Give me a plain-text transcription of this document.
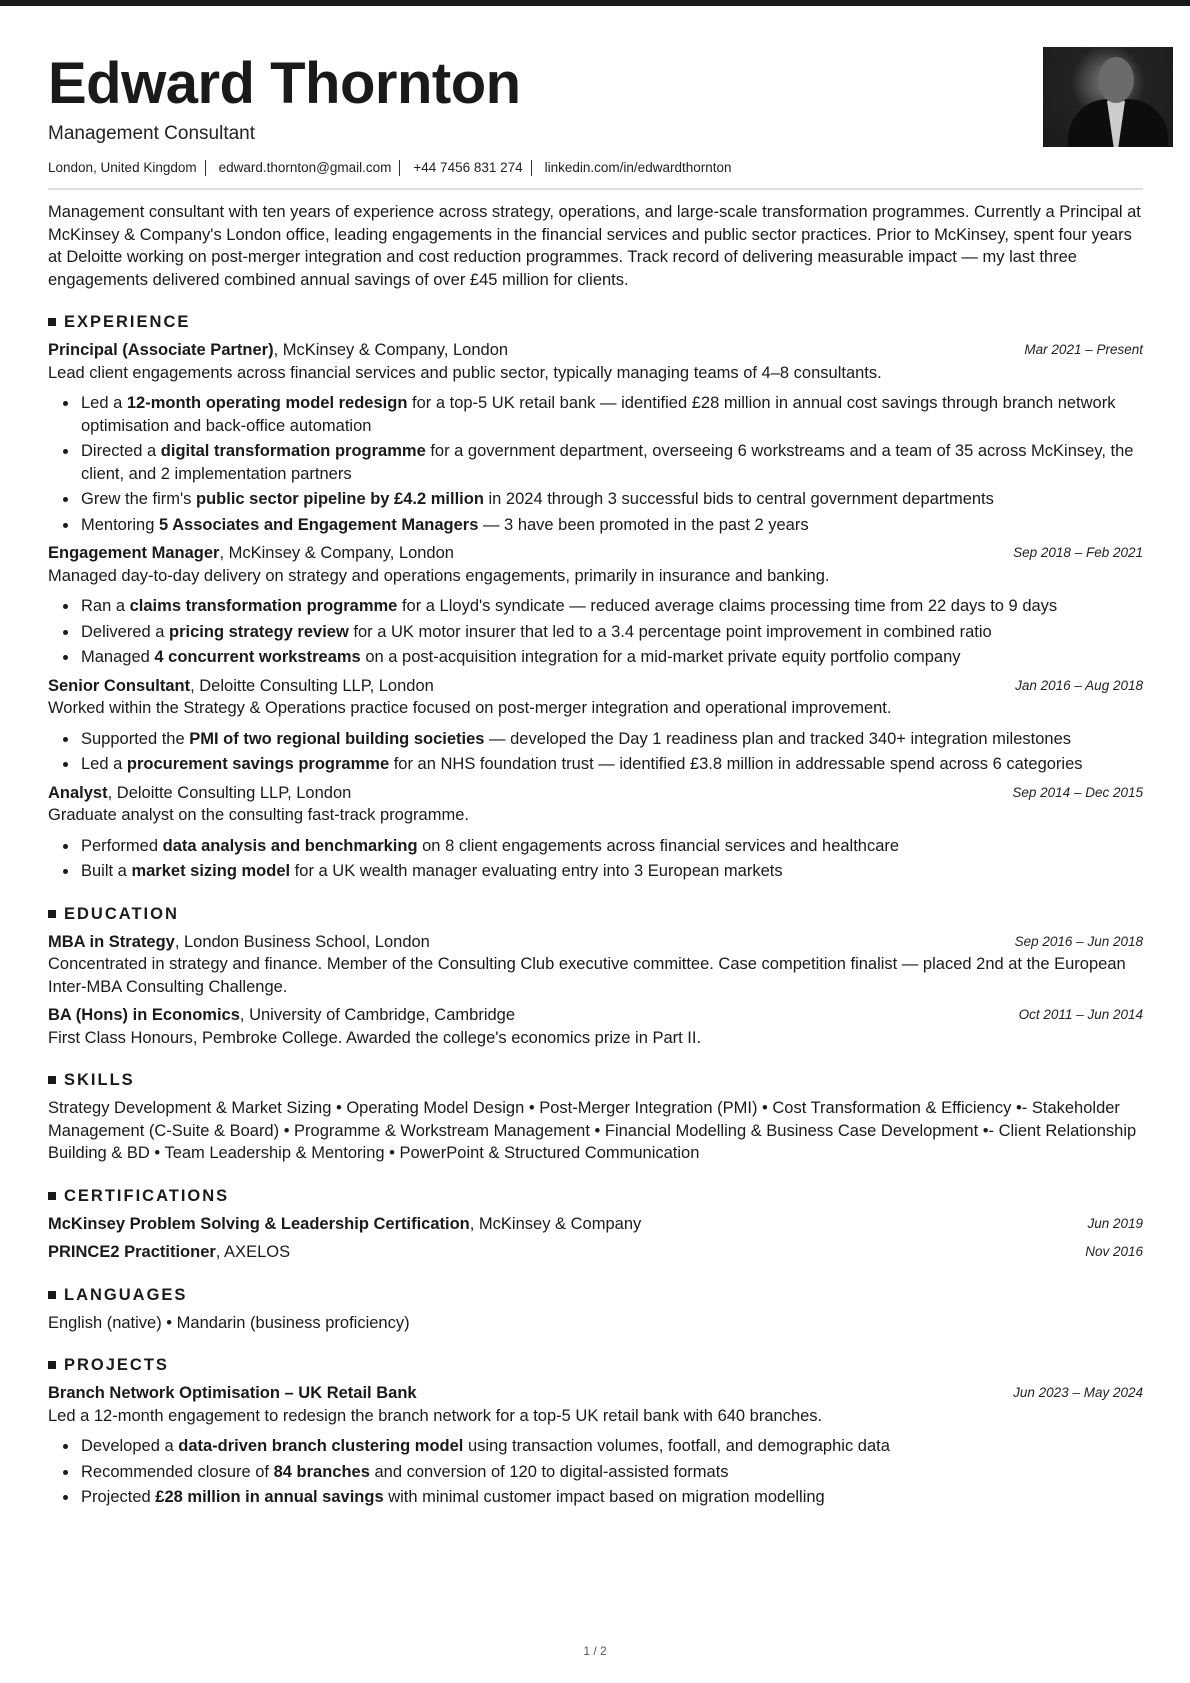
Edward Thornton
Management Consultant
London, United Kingdom	edward.thornton@gmail.com	+44 7456 831 274	linkedin.com/in/edwardthornton
Management consultant with ten years of experience across strategy, operations, and large-scale transformation programmes. Currently a Principal at McKinsey & Company's London office, leading engagements in the financial services and public sector practices. Prior to McKinsey, spent four years at Deloitte working on post-merger integration and cost reduction programmes. Track record of delivering measurable impact — my last three engagements delivered combined annual savings of over £45 million for clients.
EXPERIENCE
Principal (Associate Partner), McKinsey & Company, London	Mar 2021 – Present
Lead client engagements across financial services and public sector, typically managing teams of 4–8 consultants.
Led a 12-month operating model redesign for a top-5 UK retail bank — identified £28 million in annual cost savings through branch network optimisation and back-office automation
Directed a digital transformation programme for a government department, overseeing 6 workstreams and a team of 35 across McKinsey, the client, and 2 implementation partners
Grew the firm's public sector pipeline by £4.2 million in 2024 through 3 successful bids to central government departments
Mentoring 5 Associates and Engagement Managers — 3 have been promoted in the past 2 years
Engagement Manager, McKinsey & Company, London	Sep 2018 – Feb 2021
Managed day-to-day delivery on strategy and operations engagements, primarily in insurance and banking.
Ran a claims transformation programme for a Lloyd's syndicate — reduced average claims processing time from 22 days to 9 days
Delivered a pricing strategy review for a UK motor insurer that led to a 3.4 percentage point improvement in combined ratio
Managed 4 concurrent workstreams on a post-acquisition integration for a mid-market private equity portfolio company
Senior Consultant, Deloitte Consulting LLP, London	Jan 2016 – Aug 2018
Worked within the Strategy & Operations practice focused on post-merger integration and operational improvement.
Supported the PMI of two regional building societies — developed the Day 1 readiness plan and tracked 340+ integration milestones
Led a procurement savings programme for an NHS foundation trust — identified £3.8 million in addressable spend across 6 categories
Analyst, Deloitte Consulting LLP, London	Sep 2014 – Dec 2015
Graduate analyst on the consulting fast-track programme.
Performed data analysis and benchmarking on 8 client engagements across financial services and healthcare
Built a market sizing model for a UK wealth manager evaluating entry into 3 European markets
EDUCATION
MBA in Strategy, London Business School, London	Sep 2016 – Jun 2018
Concentrated in strategy and finance. Member of the Consulting Club executive committee. Case competition finalist — placed 2nd at the European Inter-MBA Consulting Challenge.
BA (Hons) in Economics, University of Cambridge, Cambridge	Oct 2011 – Jun 2014
First Class Honours, Pembroke College. Awarded the college's economics prize in Part II.
SKILLS
Strategy Development & Market Sizing • Operating Model Design • Post-Merger Integration (PMI) • Cost Transformation & Efficiency •- Stakeholder Management (C-Suite & Board) • Programme & Workstream Management • Financial Modelling & Business Case Development •- Client Relationship Building & BD • Team Leadership & Mentoring • PowerPoint & Structured Communication
CERTIFICATIONS
McKinsey Problem Solving & Leadership Certification, McKinsey & Company	Jun 2019
PRINCE2 Practitioner, AXELOS	Nov 2016
LANGUAGES
English (native) • Mandarin (business proficiency)
PROJECTS
Branch Network Optimisation – UK Retail Bank	Jun 2023 – May 2024
Led a 12-month engagement to redesign the branch network for a top-5 UK retail bank with 640 branches.
Developed a data-driven branch clustering model using transaction volumes, footfall, and demographic data
Recommended closure of 84 branches and conversion of 120 to digital-assisted formats
Projected £28 million in annual savings with minimal customer impact based on migration modelling
1 / 2
